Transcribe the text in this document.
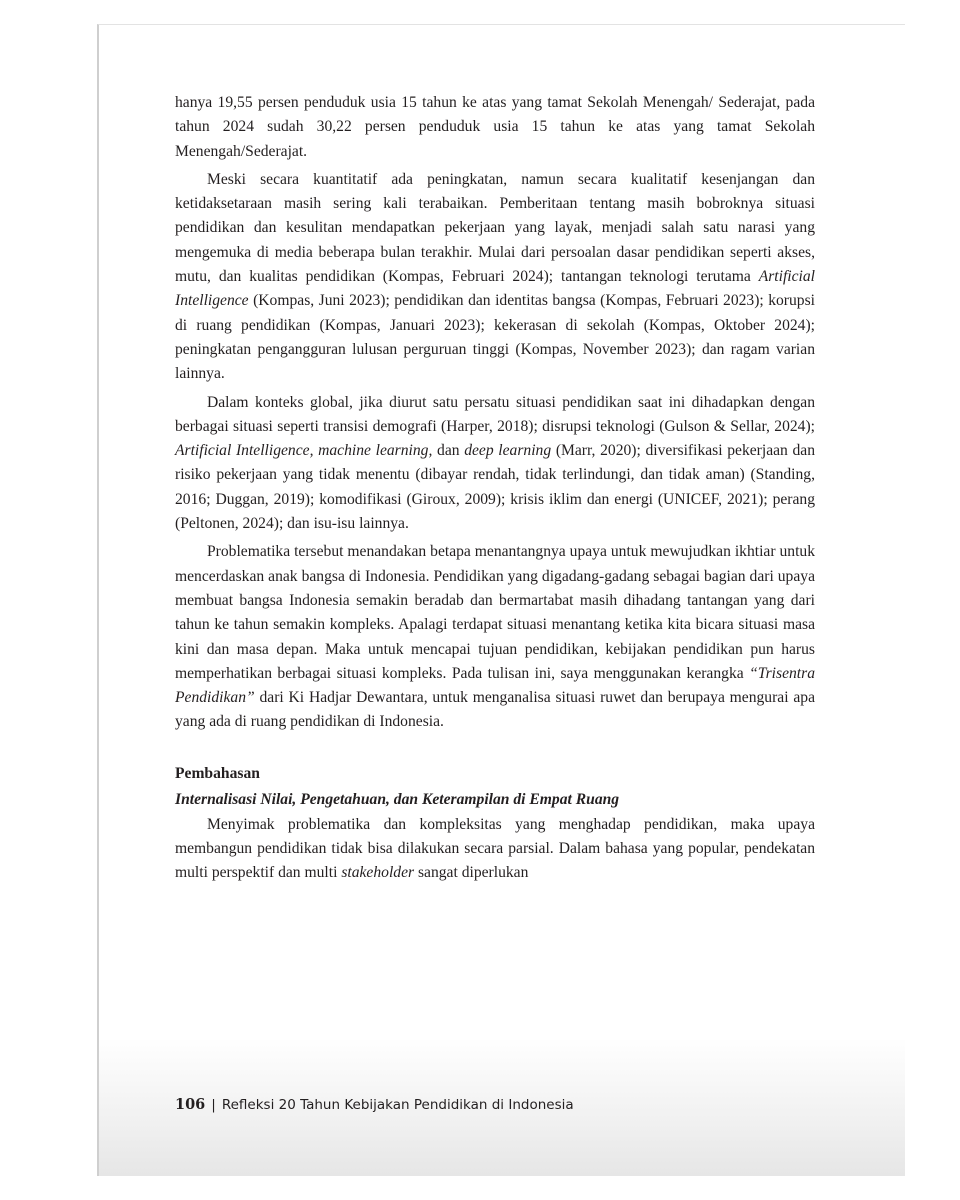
hanya 19,55 persen penduduk usia 15 tahun ke atas yang tamat Sekolah Menengah/ Sederajat, pada tahun 2024 sudah 30,22 persen penduduk usia 15 tahun ke atas yang tamat Sekolah Menengah/Sederajat.

Meski secara kuantitatif ada peningkatan, namun secara kualitatif kesenjangan dan ketidaksetaraan masih sering kali terabaikan. Pemberitaan tentang masih bobroknya situasi pendidikan dan kesulitan mendapatkan pekerjaan yang layak, menjadi salah satu narasi yang mengemuka di media beberapa bulan terakhir. Mulai dari persoalan dasar pendidikan seperti akses, mutu, dan kualitas pendidikan (Kompas, Februari 2024); tantangan teknologi terutama Artificial Intelligence (Kompas, Juni 2023); pendidikan dan identitas bangsa (Kompas, Februari 2023); korupsi di ruang pendidikan (Kompas, Januari 2023); kekerasan di sekolah (Kompas, Oktober 2024); peningkatan pengangguran lulusan perguruan tinggi (Kompas, November 2023); dan ragam varian lainnya.

Dalam konteks global, jika diurut satu persatu situasi pendidikan saat ini dihadapkan dengan berbagai situasi seperti transisi demografi (Harper, 2018); disrupsi teknologi (Gulson & Sellar, 2024); Artificial Intelligence, machine learning, dan deep learning (Marr, 2020); diversifikasi pekerjaan dan risiko pekerjaan yang tidak menentu (dibayar rendah, tidak terlindungi, dan tidak aman) (Standing, 2016; Duggan, 2019); komodifikasi (Giroux, 2009); krisis iklim dan energi (UNICEF, 2021); perang (Peltonen, 2024); dan isu-isu lainnya.

Problematika tersebut menandakan betapa menantangnya upaya untuk mewujudkan ikhtiar untuk mencerdaskan anak bangsa di Indonesia. Pendidikan yang digadang-gadang sebagai bagian dari upaya membuat bangsa Indonesia semakin beradab dan bermartabat masih dihadang tantangan yang dari tahun ke tahun semakin kompleks. Apalagi terdapat situasi menantang ketika kita bicara situasi masa kini dan masa depan. Maka untuk mencapai tujuan pendidikan, kebijakan pendidikan pun harus memperhatikan berbagai situasi kompleks. Pada tulisan ini, saya menggunakan kerangka “Trisentra Pendidikan” dari Ki Hadjar Dewantara, untuk menganalisa situasi ruwet dan berupaya mengurai apa yang ada di ruang pendidikan di Indonesia.

Pembahasan
Internalisasi Nilai, Pengetahuan, dan Keterampilan di Empat Ruang

Menyimak problematika dan kompleksitas yang menghadap pendidikan, maka upaya membangun pendidikan tidak bisa dilakukan secara parsial. Dalam bahasa yang popular, pendekatan multi perspektif dan multi stakeholder sangat diperlukan

106 | Refleksi 20 Tahun Kebijakan Pendidikan di Indonesia
